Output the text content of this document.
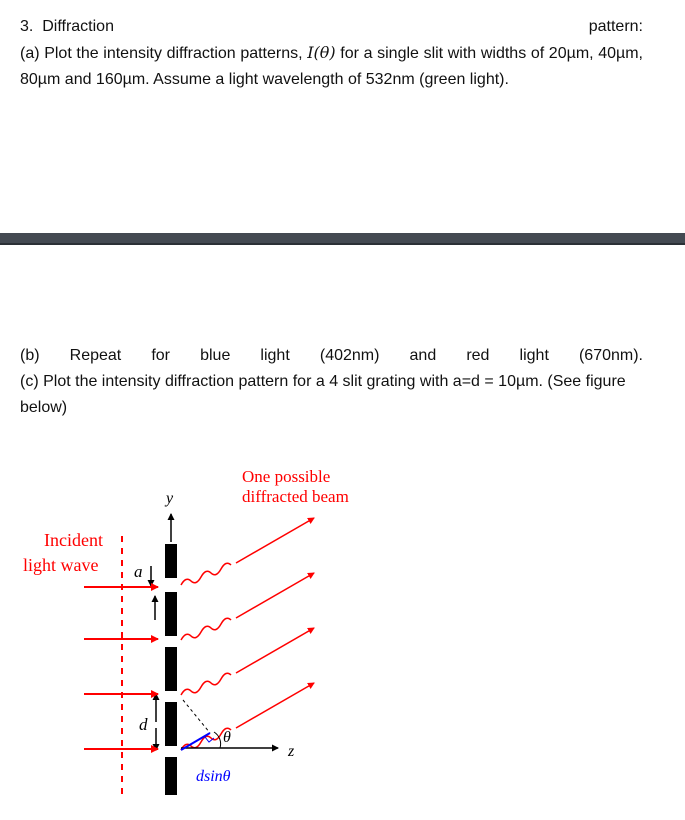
3. Diffraction	pattern:
(a) Plot the intensity diffraction patterns, I(θ) for a single slit with widths of 20µm, 40µm, 80µm and 160µm. Assume a light wavelength of 532nm (green light).
(b) Repeat for blue light (402nm) and red light (670nm).
(c) Plot the intensity diffraction pattern for a 4 slit grating with a=d = 10µm. (See figure below)
One possible
diffracted beam
Incident
light wave
y
a
d
θ
z
dsinθ
